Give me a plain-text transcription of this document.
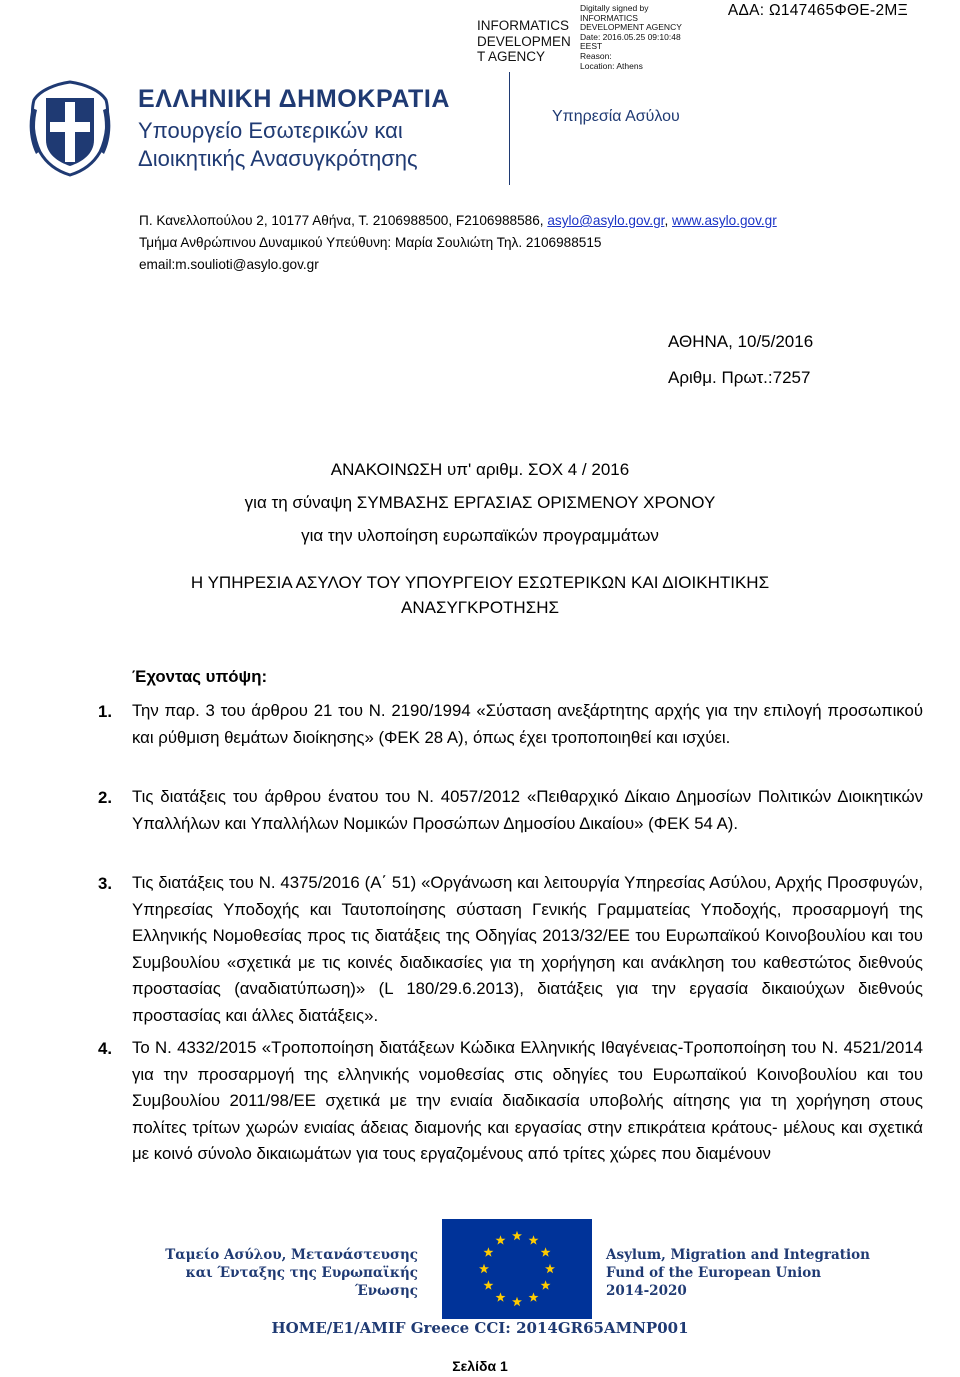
INFORMATICS
DEVELOPMEN
T AGENCY
Digitally signed by
INFORMATICS
DEVELOPMENT AGENCY
Date: 2016.05.25 09:10:48
EEST
Reason:
Location: Athens
ΑΔΑ: Ω147465ΦΘΕ-2ΜΞ
ΕΛΛΗΝΙΚΗ ΔΗΜΟΚΡΑΤΙΑ
Υπουργείο Εσωτερικών και
Διοικητικής Ανασυγκρότησης
Υπηρεσία Ασύλου
Π. Κανελλοπούλου 2, 10177 Αθήνα, Τ. 2106988500, F2106988586, asylo@asylo.gov.gr, www.asylo.gov.gr
Τμήμα Ανθρώπινου Δυναμικού Υπεύθυνη: Μαρία Σουλιώτη Τηλ. 2106988515
email:m.soulioti@asylo.gov.gr
ΑΘΗΝΑ, 10/5/2016
Αριθμ. Πρωτ.:7257
ΑΝΑΚΟΙΝΩΣΗ υπ' αριθμ. ΣΟΧ 4 / 2016
για τη σύναψη ΣΥΜΒΑΣΗΣ ΕΡΓΑΣΙΑΣ ΟΡΙΣΜΕΝΟΥ ΧΡΟΝΟΥ
για την υλοποίηση ευρωπαϊκών προγραμμάτων
Η ΥΠΗΡΕΣΙΑ ΑΣΥΛΟΥ ΤΟΥ ΥΠΟΥΡΓΕΙΟΥ ΕΣΩΤΕΡΙΚΩΝ ΚΑΙ ΔΙΟΙΚΗΤΙΚΗΣ
ΑΝΑΣΥΓΚΡΟΤΗΣΗΣ
Έχοντας υπόψη:
1. Την παρ. 3 του άρθρου 21 του Ν. 2190/1994 «Σύσταση ανεξάρτητης αρχής για την επιλογή προσωπικού και ρύθμιση θεμάτων διοίκησης» (ΦΕΚ 28 Α), όπως έχει τροποποιηθεί και ισχύει.
2. Τις διατάξεις του άρθρου ένατου του Ν. 4057/2012 «Πειθαρχικό Δίκαιο Δημοσίων Πολιτικών Διοικητικών Υπαλλήλων και Υπαλλήλων Νομικών Προσώπων Δημοσίου Δικαίου» (ΦΕΚ 54 Α).
3. Τις διατάξεις του Ν. 4375/2016 (Α΄ 51) «Οργάνωση και λειτουργία Υπηρεσίας Ασύλου, Αρχής Προσφυγών, Υπηρεσίας Υποδοχής και Ταυτοποίησης σύσταση Γενικής Γραμματείας Υποδοχής, προσαρμογή της Ελληνικής Νομοθεσίας προς τις διατάξεις της Οδηγίας 2013/32/ΕΕ του Ευρωπαϊκού Κοινοβουλίου και του Συμβουλίου «σχετικά με τις κοινές διαδικασίες για τη χορήγηση και ανάκληση του καθεστώτος διεθνούς προστασίας (αναδιατύπωση)» (L 180/29.6.2013), διατάξεις για την εργασία δικαιούχων διεθνούς προστασίας και άλλες διατάξεις».
4. Το Ν. 4332/2015 «Τροποποίηση διατάξεων Κώδικα Ελληνικής Ιθαγένειας-Τροποποίηση του Ν. 4521/2014 για την προσαρμογή της ελληνικής νομοθεσίας στις οδηγίες του Ευρωπαϊκού Κοινοβουλίου και του Συμβουλίου 2011/98/ΕΕ σχετικά με την ενιαία διαδικασία υποβολής αίτησης για τη χορήγηση στους πολίτες τρίτων χωρών ενιαίας άδειας διαμονής και εργασίας στην επικράτεια κράτους- μέλους και σχετικά με κοινό σύνολο δικαιωμάτων για τους εργαζομένους από τρίτες χώρες που διαμένουν
Ταμείο Ασύλου, Μετανάστευσης
και Ένταξης της Ευρωπαϊκής
Ένωσης
Asylum, Migration and Integration
Fund of the European Union
2014-2020
HOME/E1/AMIF Greece CCI: 2014GR65AMNP001
Σελίδα 1
